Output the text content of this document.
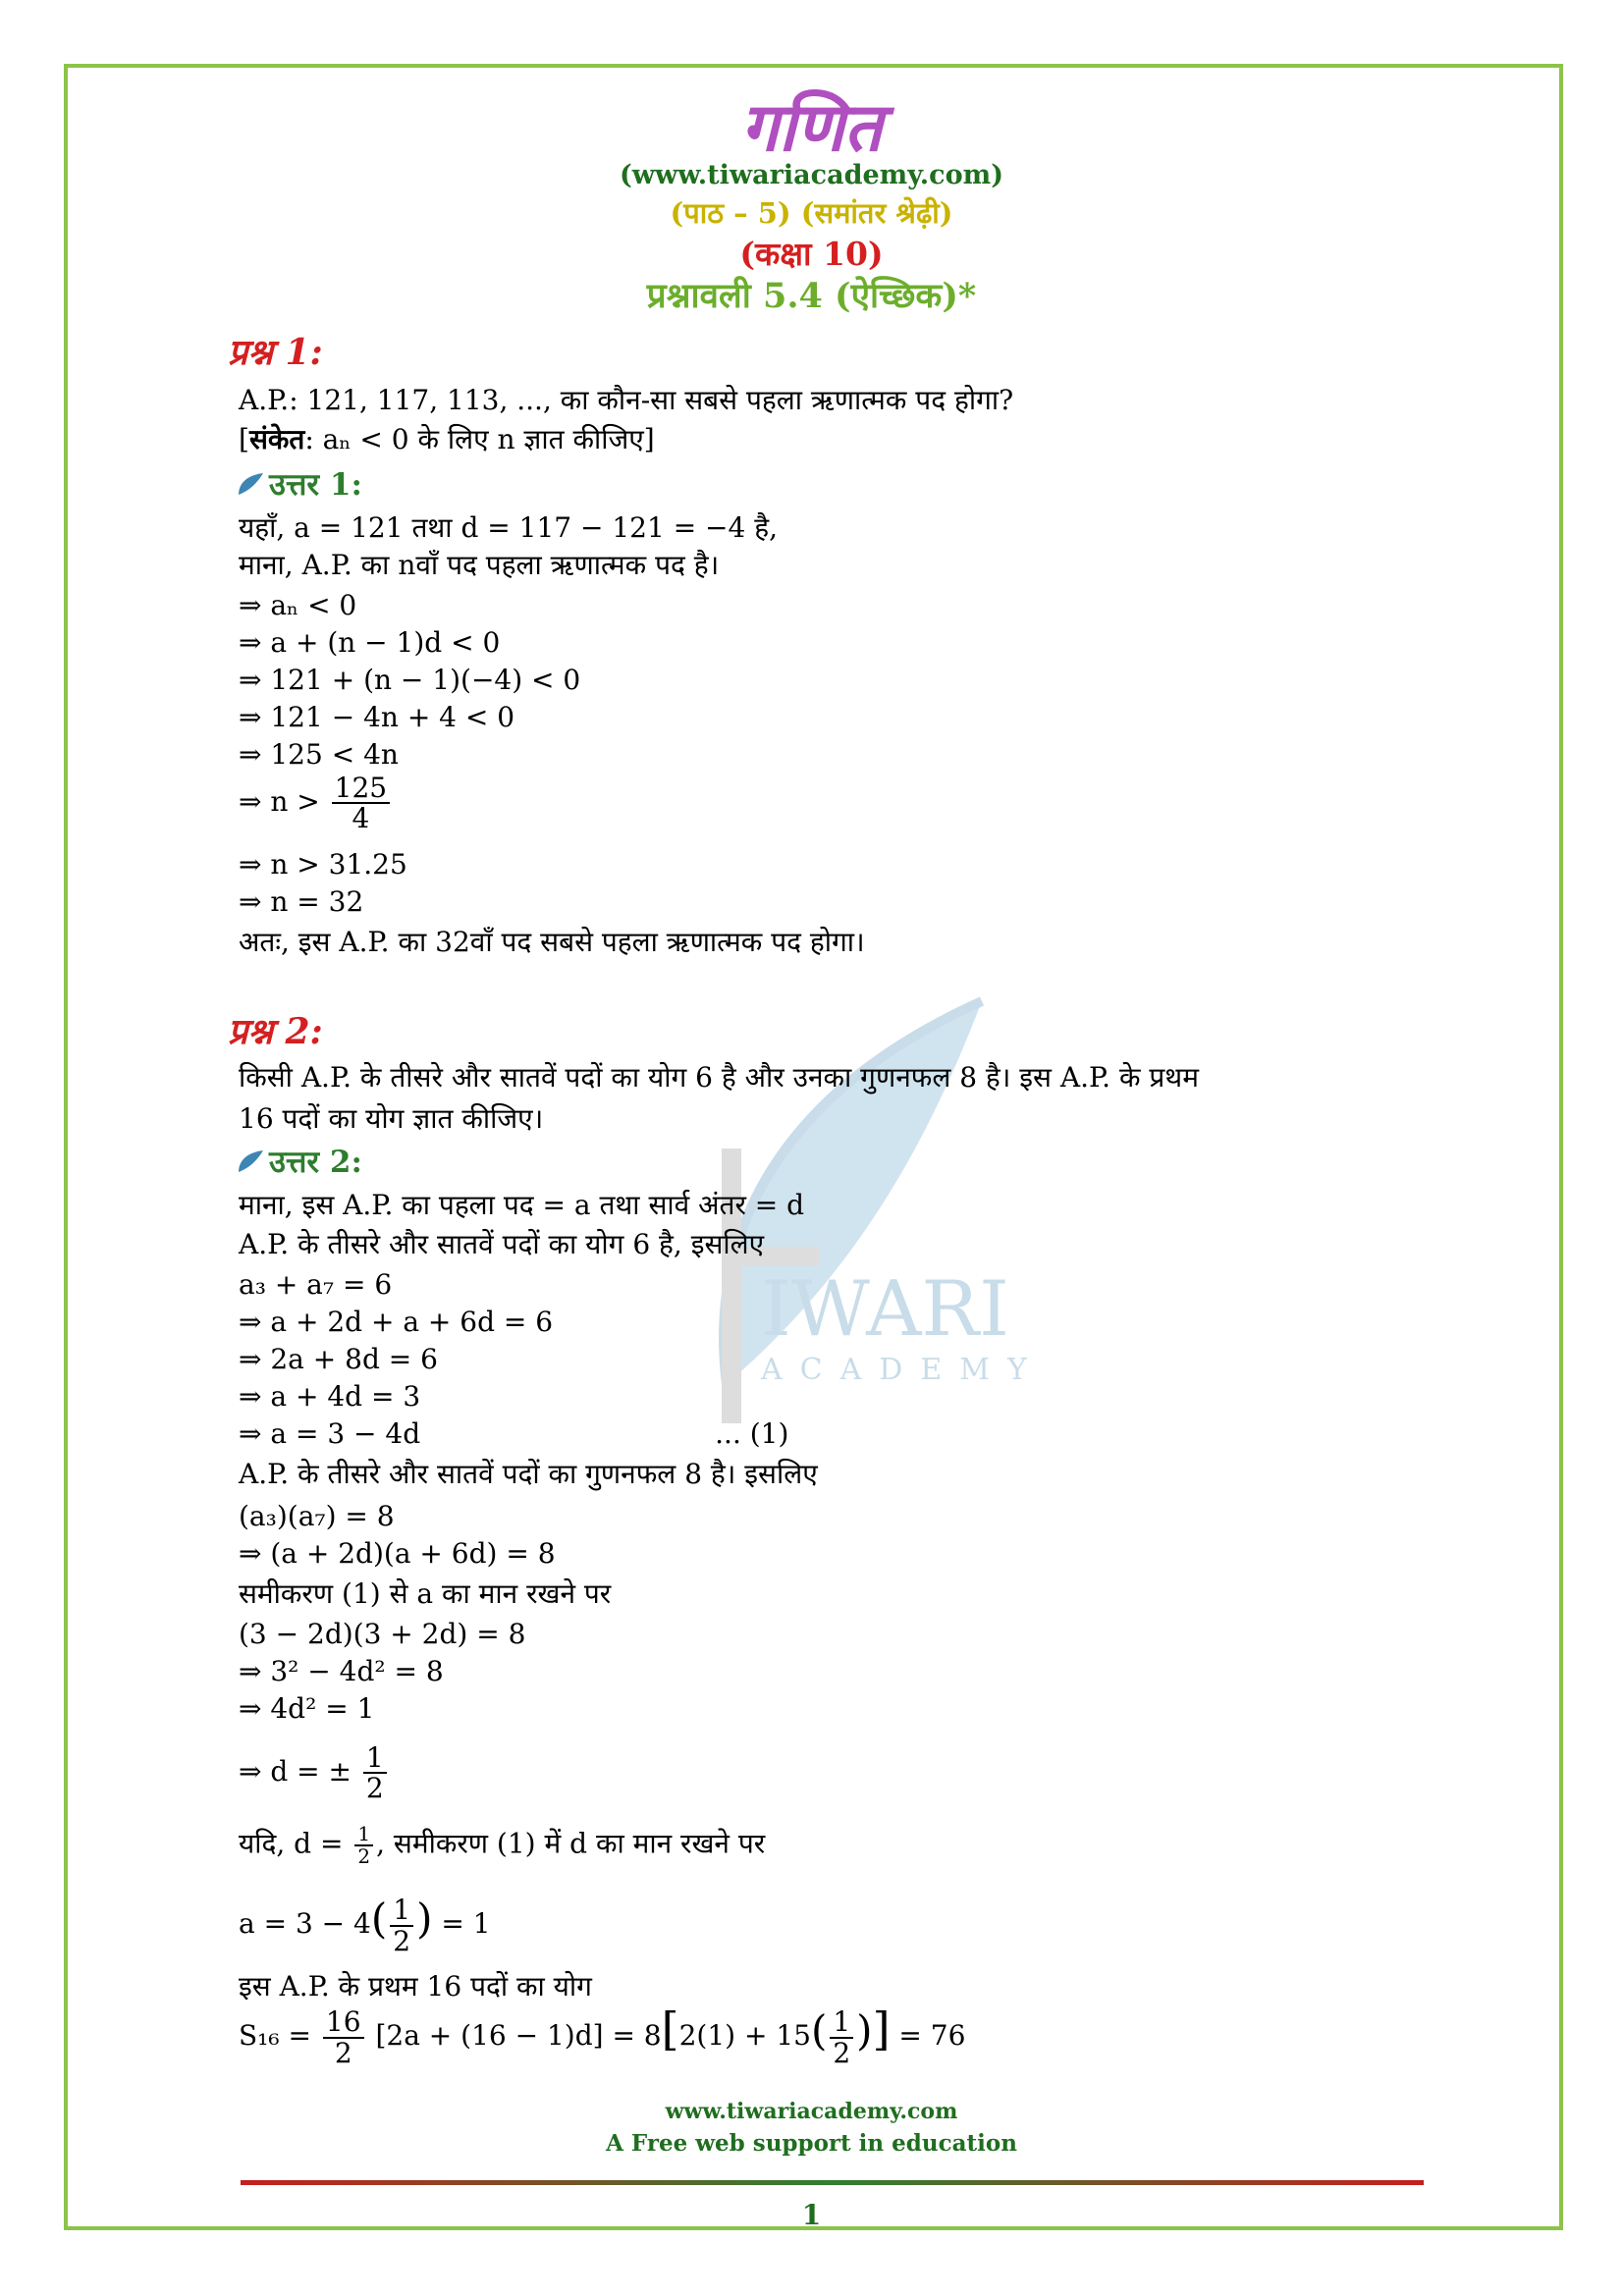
IWARI
ACADEMY
गणित
(www.tiwariacademy.com)
(पाठ – 5) (समांतर श्रेढ़ी)
(कक्षा 10)
प्रश्नावली 5.4 (ऐच्छिक)*
प्रश्न 1:
A.P.: 121, 117, 113, ..., का कौन-सा सबसे पहला ऋणात्मक पद होगा?
[संकेत: aₙ < 0 के लिए n ज्ञात कीजिए]
उत्तर 1:
यहाँ, a = 121 तथा d = 117 − 121 = −4 है,
माना, A.P. का nवाँ पद पहला ऋणात्मक पद है।
⇒ aₙ < 0
⇒ a + (n − 1)d < 0
⇒ 121 + (n − 1)(−4) < 0
⇒ 121 − 4n + 4 < 0
⇒ 125 < 4n
⇒ $n > \frac{125}{4}$
⇒ n > 31.25
⇒ n = 32
अतः, इस A.P. का 32वाँ पद सबसे पहला ऋणात्मक पद होगा।
प्रश्न 2:
किसी A.P. के तीसरे और सातवें पदों का योग 6 है और उनका गुणनफल 8 है। इस A.P. के प्रथम
16 पदों का योग ज्ञात कीजिए।
उत्तर 2:
माना, इस A.P. का पहला पद = a तथा सार्व अंतर = d
A.P. के तीसरे और सातवें पदों का योग 6 है, इसलिए
a₃ + a₇ = 6
⇒ a + 2d + a + 6d = 6
⇒ 2a + 8d = 6
⇒ a + 4d = 3
⇒ a = 3 − 4d	... (1)
A.P. के तीसरे और सातवें पदों का गुणनफल 8 है। इसलिए
(a₃)(a₇) = 8
⇒ (a + 2d)(a + 6d) = 8
समीकरण (1) से a का मान रखने पर
(3 − 2d)(3 + 2d) = 8
⇒ 3² − 4d² = 8
⇒ 4d² = 1
⇒ d = ± $\frac{1}{2}$
यदि, $d = \frac{1}{2}$ , समीकरण (1) में d का मान रखने पर
$a = 3 - 4( \frac{1}{2}$ ) = 1
इस A.P. के प्रथम 16 पदों का योग
$S_{16} = \frac{16}{2} [2a + (16 - 1)d] = 8[2(1) + 15( \frac{1}{2}$ )] = 76
www.tiwariacademy.com
A Free web support in education
1
